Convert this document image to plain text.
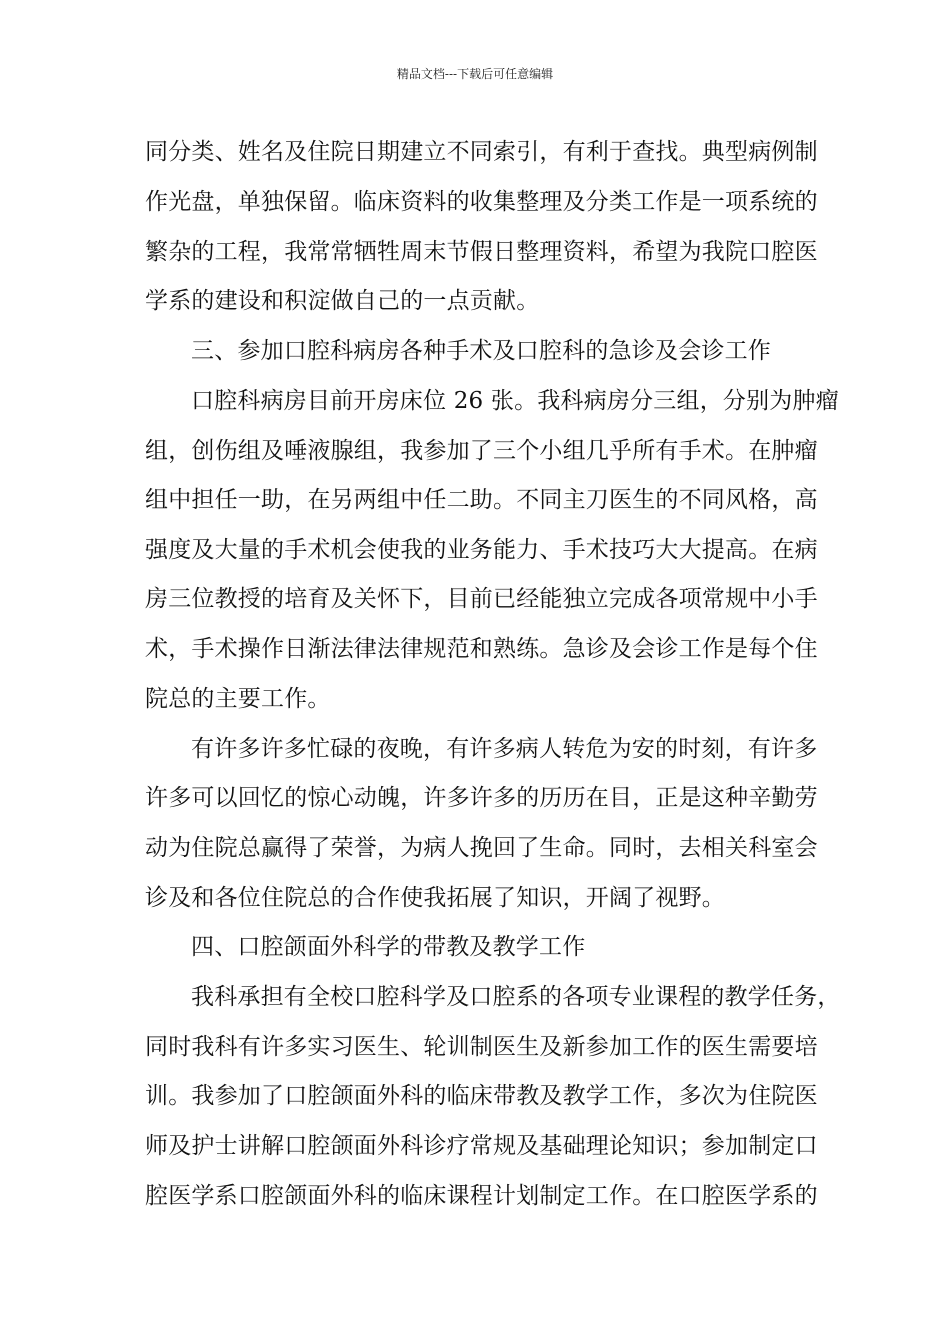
精品文档---下载后可任意编辑
同分类、姓名及住院日期建立不同索引，有利于查找。典型病例制
作光盘，单独保留。临床资料的收集整理及分类工作是一项系统的
繁杂的工程，我常常牺牲周末节假日整理资料，希望为我院口腔医
学系的建设和积淀做自己的一点贡献。
三、参加口腔科病房各种手术及口腔科的急诊及会诊工作
口腔科病房目前开房床位 26 张。我科病房分三组，分别为肿瘤
组，创伤组及唾液腺组，我参加了三个小组几乎所有手术。在肿瘤
组中担任一助，在另两组中任二助。不同主刀医生的不同风格，高
强度及大量的手术机会使我的业务能力、手术技巧大大提高。在病
房三位教授的培育及关怀下，目前已经能独立完成各项常规中小手
术，手术操作日渐法律法律规范和熟练。急诊及会诊工作是每个住
院总的主要工作。
有许多许多忙碌的夜晚，有许多病人转危为安的时刻，有许多
许多可以回忆的惊心动魄，许多许多的历历在目，正是这种辛勤劳
动为住院总赢得了荣誉，为病人挽回了生命。同时，去相关科室会
诊及和各位住院总的合作使我拓展了知识，开阔了视野。
四、口腔颌面外科学的带教及教学工作
我科承担有全校口腔科学及口腔系的各项专业课程的教学任务，
同时我科有许多实习医生、轮训制医生及新参加工作的医生需要培
训。我参加了口腔颌面外科的临床带教及教学工作，多次为住院医
师及护士讲解口腔颌面外科诊疗常规及基础理论知识；参加制定口
腔医学系口腔颌面外科的临床课程计划制定工作。在口腔医学系的
